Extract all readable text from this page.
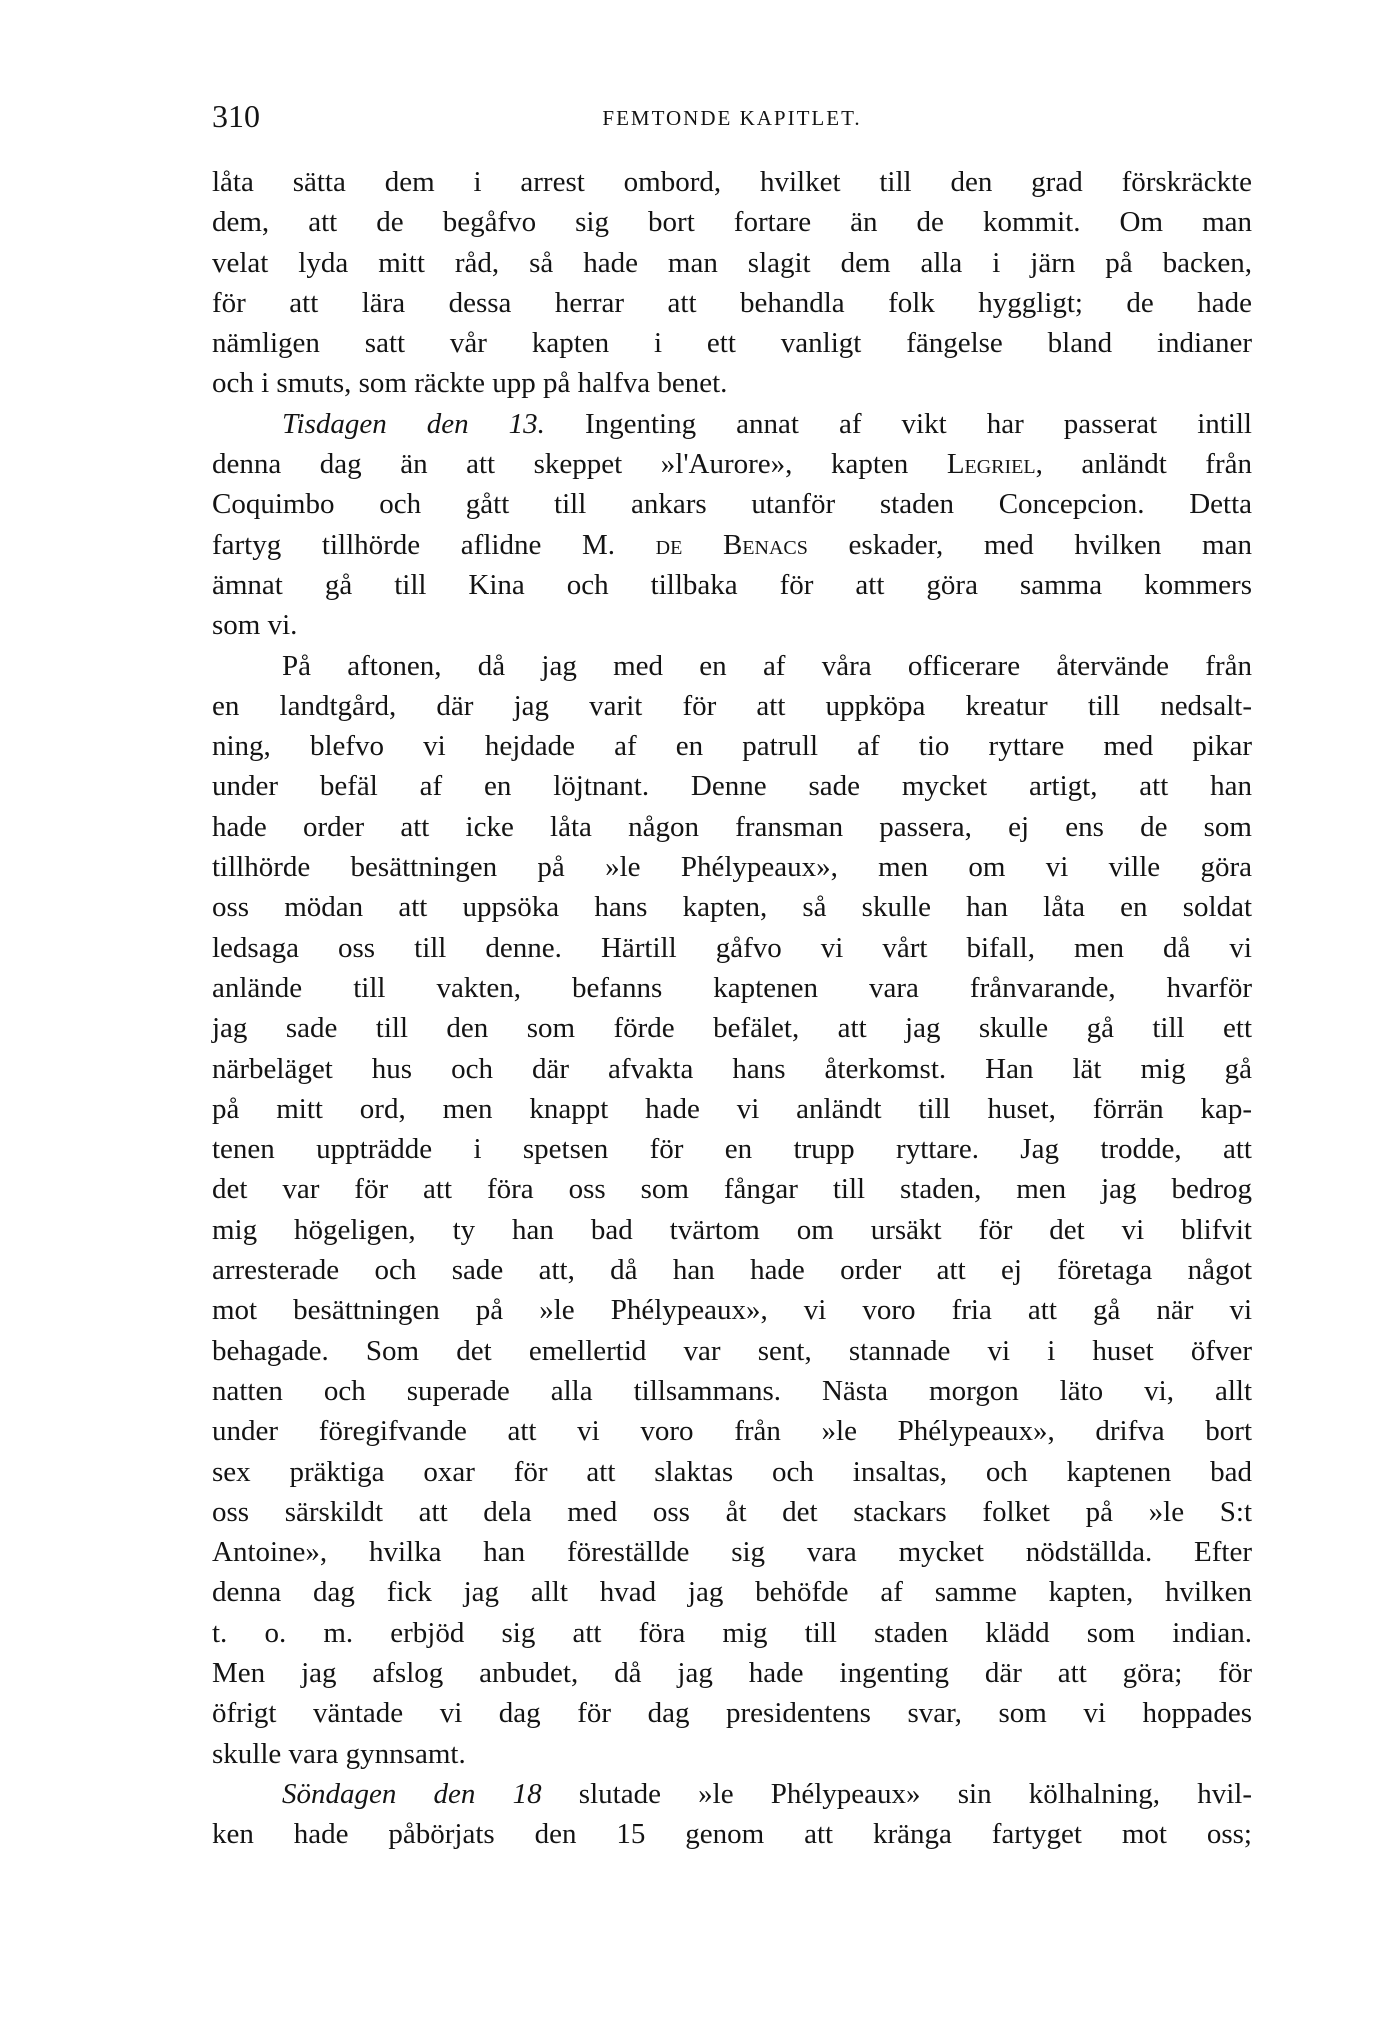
310	FEMTONDE KAPITLET.
låta sätta dem i arrest ombord, hvilket till den grad förskräckte
dem, att de begåfvo sig bort fortare än de kommit. Om man
velat lyda mitt råd, så hade man slagit dem alla i järn på backen,
för att lära dessa herrar att behandla folk hyggligt; de hade
nämligen satt vår kapten i ett vanligt fängelse bland indianer
och i smuts, som räckte upp på halfva benet.
Tisdagen den 13. Ingenting annat af vikt har passerat intill
denna dag än att skeppet »l'Aurore», kapten Legriel, anländt från
Coquimbo och gått till ankars utanför staden Concepcion. Detta
fartyg tillhörde aflidne M. de Benacs eskader, med hvilken man
ämnat gå till Kina och tillbaka för att göra samma kommers
som vi.
På aftonen, då jag med en af våra officerare återvände från
en landtgård, där jag varit för att uppköpa kreatur till nedsalt-
ning, blefvo vi hejdade af en patrull af tio ryttare med pikar
under befäl af en löjtnant. Denne sade mycket artigt, att han
hade order att icke låta någon fransman passera, ej ens de som
tillhörde besättningen på »le Phélypeaux», men om vi ville göra
oss mödan att uppsöka hans kapten, så skulle han låta en soldat
ledsaga oss till denne. Härtill gåfvo vi vårt bifall, men då vi
anlände till vakten, befanns kaptenen vara frånvarande, hvarför
jag sade till den som förde befälet, att jag skulle gå till ett
närbeläget hus och där afvakta hans återkomst. Han lät mig gå
på mitt ord, men knappt hade vi anländt till huset, förrän kap-
tenen uppträdde i spetsen för en trupp ryttare. Jag trodde, att
det var för att föra oss som fångar till staden, men jag bedrog
mig högeligen, ty han bad tvärtom om ursäkt för det vi blifvit
arresterade och sade att, då han hade order att ej företaga något
mot besättningen på »le Phélypeaux», vi voro fria att gå när vi
behagade. Som det emellertid var sent, stannade vi i huset öfver
natten och superade alla tillsammans. Nästa morgon läto vi, allt
under föregifvande att vi voro från »le Phélypeaux», drifva bort
sex präktiga oxar för att slaktas och insaltas, och kaptenen bad
oss särskildt att dela med oss åt det stackars folket på »le S:t
Antoine», hvilka han föreställde sig vara mycket nödställda. Efter
denna dag fick jag allt hvad jag behöfde af samme kapten, hvilken
t. o. m. erbjöd sig att föra mig till staden klädd som indian.
Men jag afslog anbudet, då jag hade ingenting där att göra; för
öfrigt väntade vi dag för dag presidentens svar, som vi hoppades
skulle vara gynnsamt.
Söndagen den 18 slutade »le Phélypeaux» sin kölhalning, hvil-
ken hade påbörjats den 15 genom att kränga fartyget mot oss;
